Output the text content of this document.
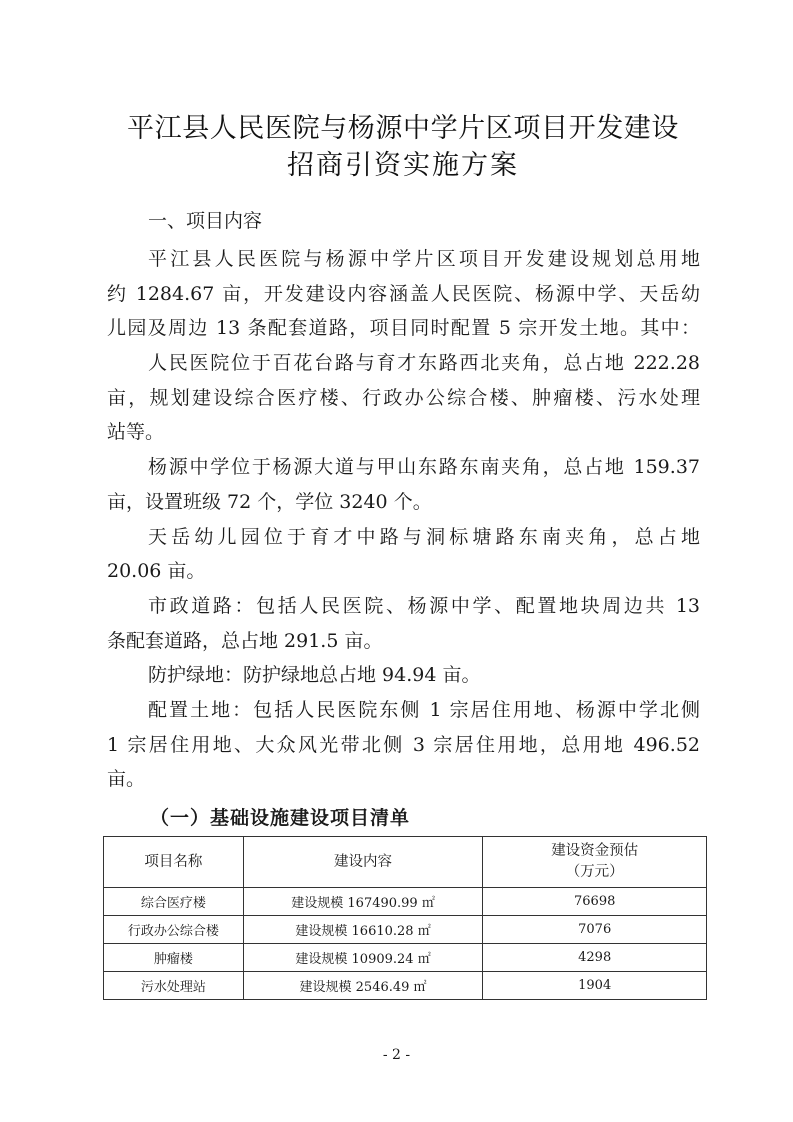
平江县人民医院与杨源中学片区项目开发建设
招商引资实施方案
一、项目内容
平江县人民医院与杨源中学片区项目开发建设规划总用地
约 1284.67 亩，开发建设内容涵盖人民医院、杨源中学、天岳幼
儿园及周边 13 条配套道路，项目同时配置 5 宗开发土地。其中：
人民医院位于百花台路与育才东路西北夹角，总占地 222.28
亩，规划建设综合医疗楼、行政办公综合楼、肿瘤楼、污水处理
站等。
杨源中学位于杨源大道与甲山东路东南夹角，总占地 159.37
亩，设置班级 72 个，学位 3240 个。
天岳幼儿园位于育才中路与洞标塘路东南夹角，总占地
20.06 亩。
市政道路：包括人民医院、杨源中学、配置地块周边共 13
条配套道路，总占地 291.5 亩。
防护绿地：防护绿地总占地 94.94 亩。
配置土地：包括人民医院东侧 1 宗居住用地、杨源中学北侧
1 宗居住用地、大众风光带北侧 3 宗居住用地，总用地 496.52
亩。
（一）基础设施建设项目清单
项目名称	建设内容	建设资金预估
（万元）
综合医疗楼	建设规模 167490.99 ㎡	76698
行政办公综合楼	建设规模 16610.28 ㎡	7076
肿瘤楼	建设规模 10909.24 ㎡	4298
污水处理站	建设规模 2546.49 ㎡	1904
- 2 -
